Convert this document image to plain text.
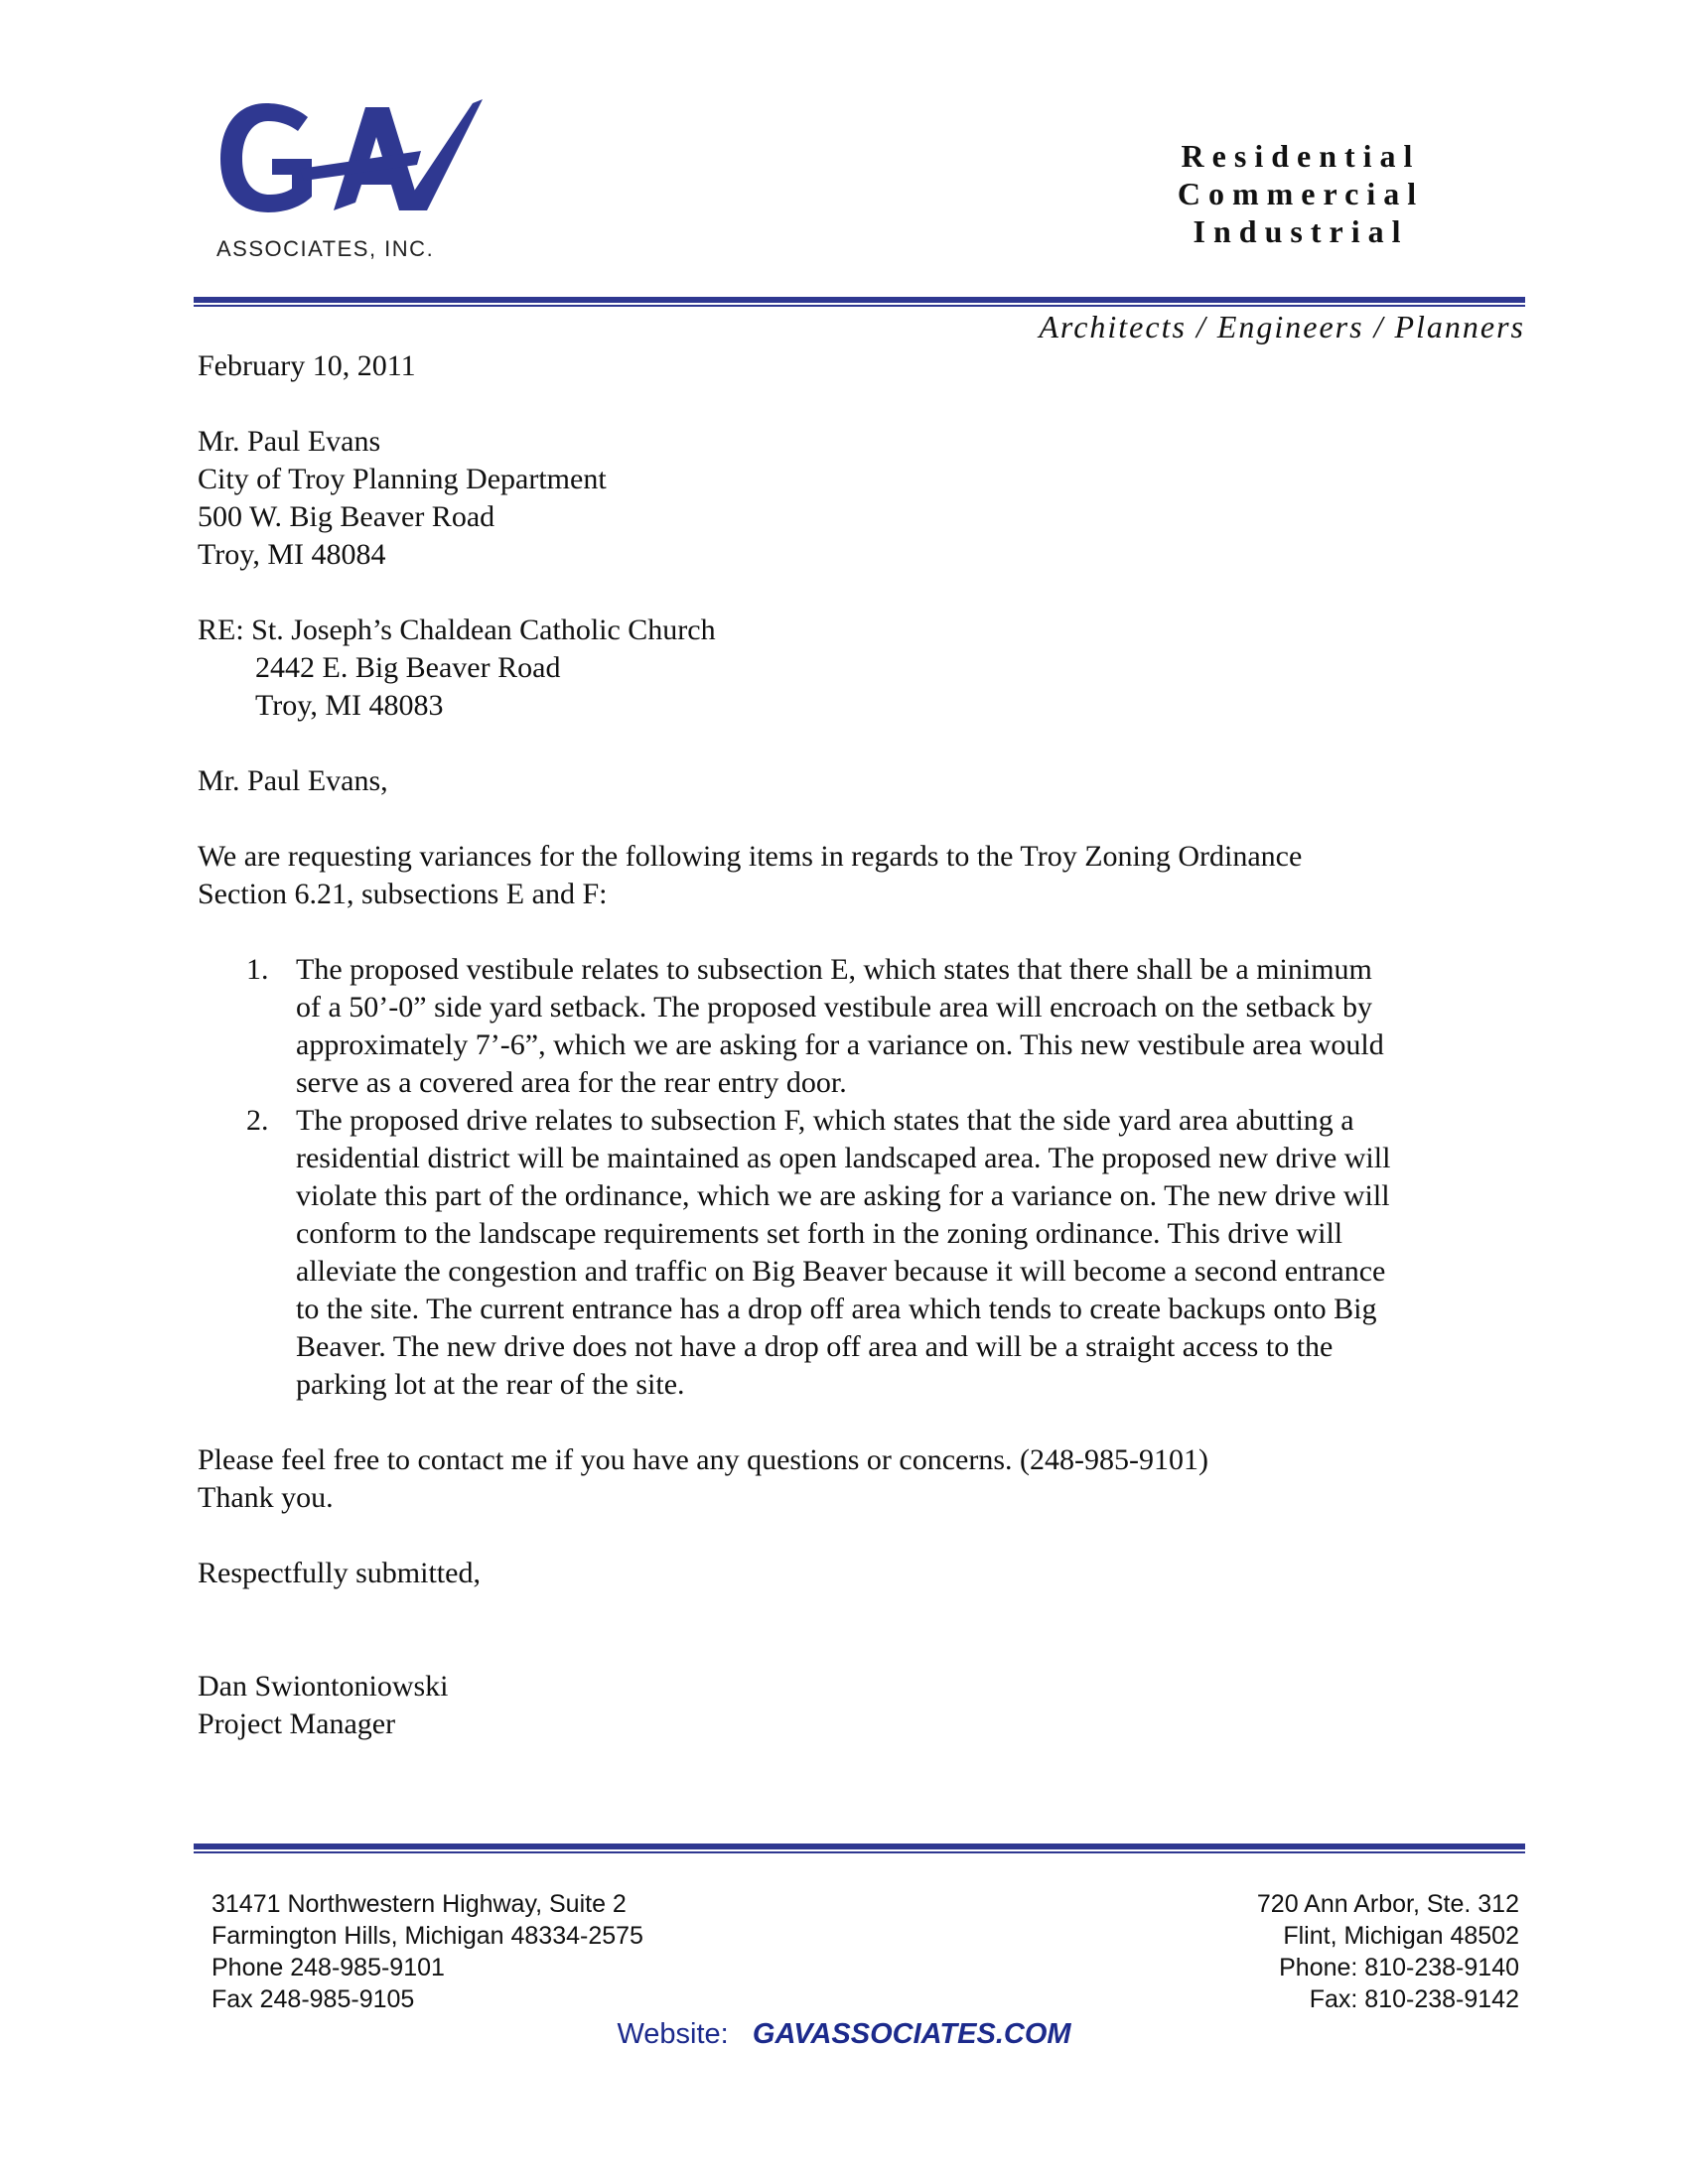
ASSOCIATES, INC.
Residential
Commercial
Industrial
Architects / Engineers / Planners
February 10, 2011
Mr. Paul Evans
City of Troy Planning Department
500 W. Big Beaver Road
Troy, MI 48084
RE: St. Joseph’s Chaldean Catholic Church
2442 E. Big Beaver Road
Troy, MI 48083
Mr. Paul Evans,
We are requesting variances for the following items in regards to the Troy Zoning Ordinance
Section 6.21, subsections E and F:
1. The proposed vestibule relates to subsection E, which states that there shall be a minimum
of a 50’-0” side yard setback. The proposed vestibule area will encroach on the setback by
approximately 7’-6”, which we are asking for a variance on. This new vestibule area would
serve as a covered area for the rear entry door.
2. The proposed drive relates to subsection F, which states that the side yard area abutting a
residential district will be maintained as open landscaped area. The proposed new drive will
violate this part of the ordinance, which we are asking for a variance on. The new drive will
conform to the landscape requirements set forth in the zoning ordinance. This drive will
alleviate the congestion and traffic on Big Beaver because it will become a second entrance
to the site. The current entrance has a drop off area which tends to create backups onto Big
Beaver. The new drive does not have a drop off area and will be a straight access to the
parking lot at the rear of the site.
Please feel free to contact me if you have any questions or concerns. (248-985-9101)
Thank you.
Respectfully submitted,
Dan Swiontoniowski
Project Manager
31471 Northwestern Highway, Suite 2
Farmington Hills, Michigan 48334-2575
Phone 248-985-9101
Fax 248-985-9105
720 Ann Arbor, Ste. 312
Flint, Michigan 48502
Phone: 810-238-9140
Fax: 810-238-9142
Website:   GAVASSOCIATES.COM
